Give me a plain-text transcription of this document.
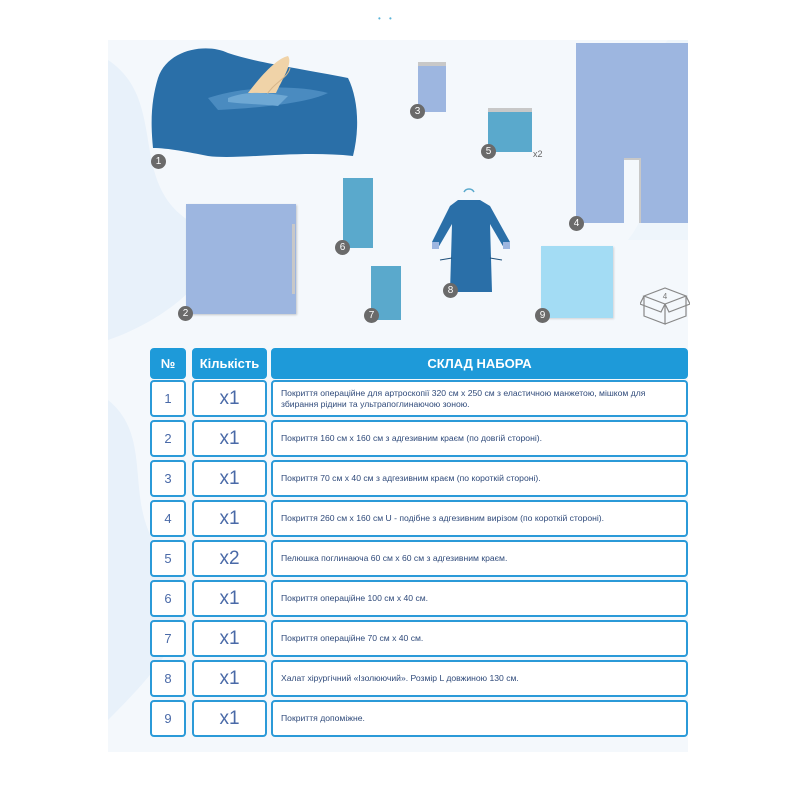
• •
1
2
3
5	x2
4
6
7
8
9
4
№	Кількість	СКЛАД НАБОРА
1	x1	Покриття операційне для артроскопії 320 см х 250 см з еластичною манжетою, мішком для збирання рідини та ультрапоглинаючою зоною.
2	x1	Покриття 160 см х 160 см з адгезивним краєм (по довгій стороні).
3	x1	Покриття 70 см х 40 см з адгезивним краєм (по короткій стороні).
4	x1	Покриття 260 см х 160 см U - подібне з адгезивним вирізом (по короткій стороні).
5	x2	Пелюшка поглинаюча 60 см х 60 см з адгезивним краєм.
6	x1	Покриття операційне 100 см х 40 см.
7	x1	Покриття операційне 70 см х 40 см.
8	x1	Халат хірургічний «Ізолюючий». Розмір L довжиною 130 см.
9	x1	Покриття допоміжне.
